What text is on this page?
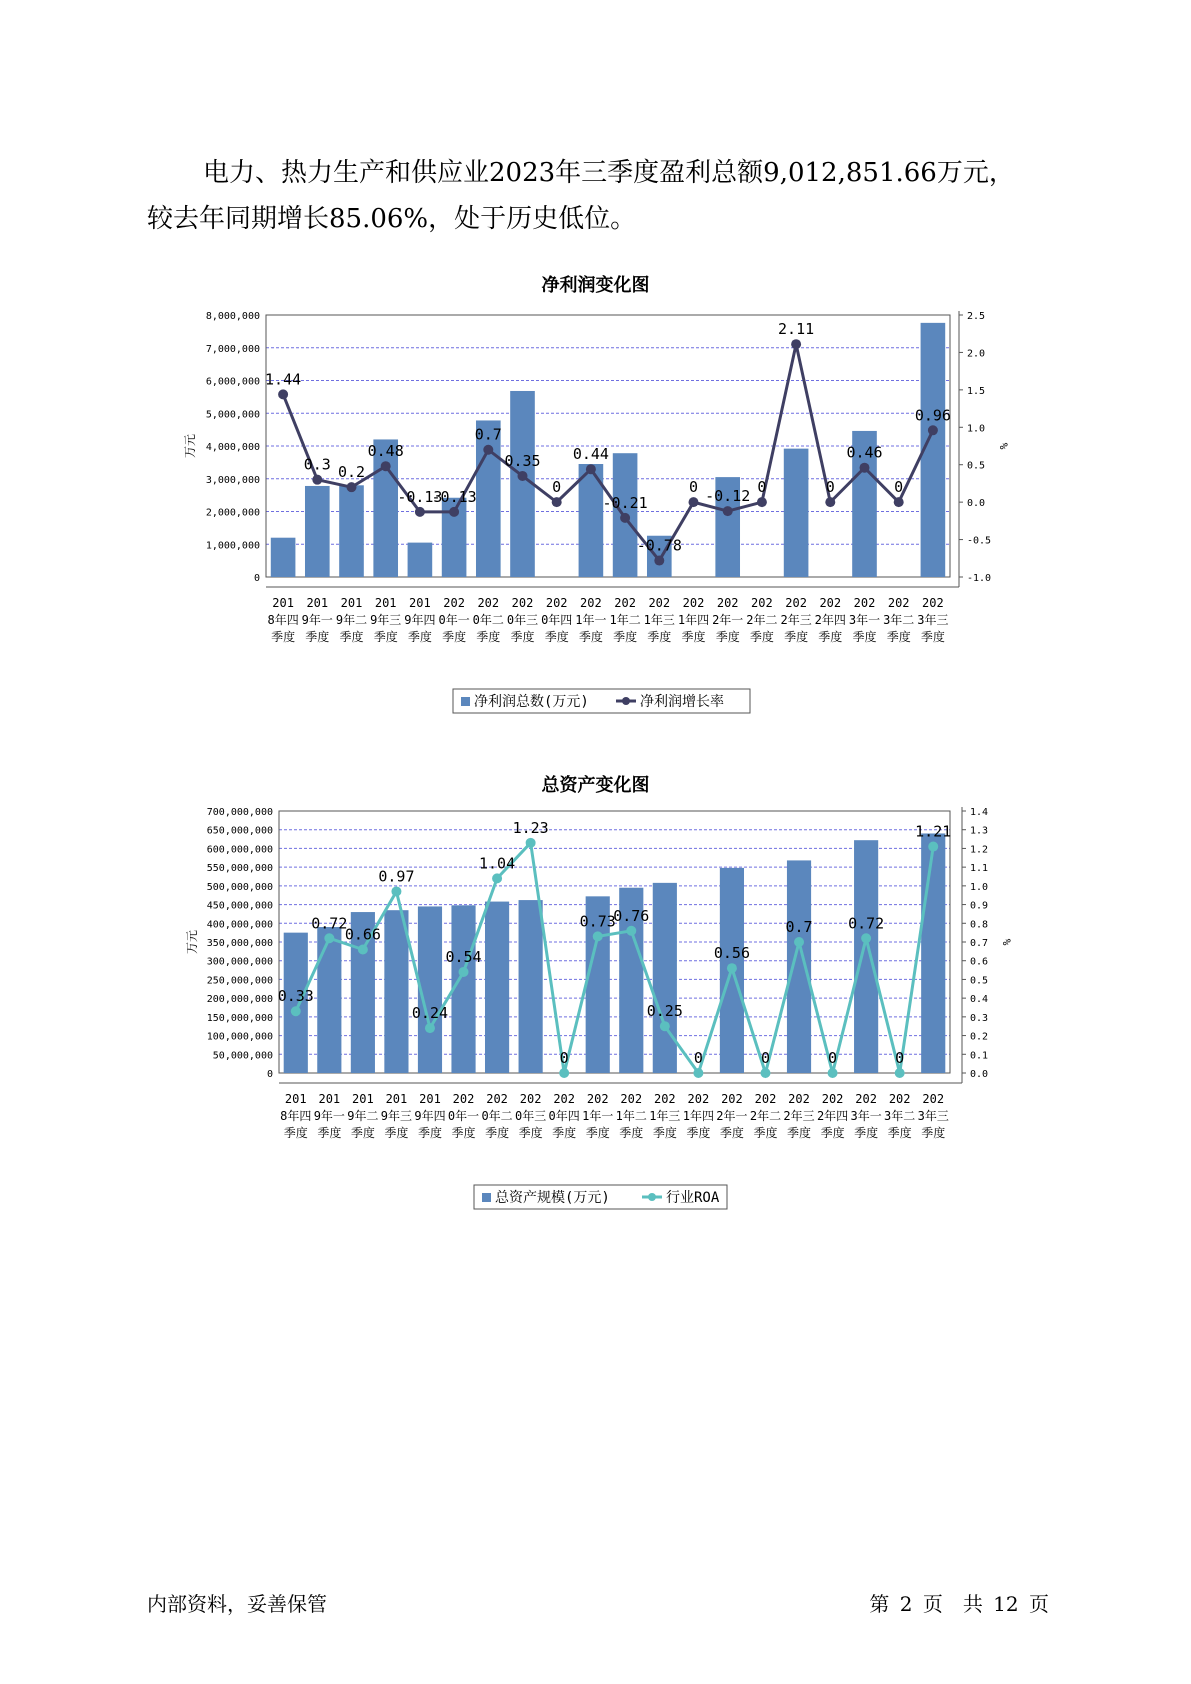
电力、热力生产和供应业2023年三季度盈利总额9,012,851.66万元，

较去年同期增长85.06%，处于历史低位。

净利润变化图
0
1,000,000
2,000,000
3,000,000
4,000,000
5,000,000
6,000,000
7,000,000
8,000,000
-1.0
-0.5
0.0
0.5
1.0
1.5
2.0
2.5
%
万元
1.44
0.3 0.2
0.48
-0.13
-0.13
0.7
0.35
0
0.44
-0.21
-0.78
0 -0.12 0
2.11
0
0.46
0
0.96
201 8年四季度
201 9年一季度
201 9年二季度
201 9年三季度
201 9年四季度
202 0年一季度
202 0年二季度
202 0年三季度
202 0年四季度
202 1年一季度
202 1年二季度
202 1年三季度
202 1年四季度
202 2年一季度
202 2年二季度
202 2年三季度
202 2年四季度
202 3年一季度
202 3年二季度
202 3年三季度
净利润总数(万元)	净利润增长率
总资产变化图
0
50,000,000
100,000,000
150,000,000
200,000,000
250,000,000
300,000,000
350,000,000
400,000,000
450,000,000
500,000,000
550,000,000
600,000,000
650,000,000
700,000,000
0.0
0.1
0.2
0.3
0.4
0.5
0.6
0.7
0.8
0.9
1.0
1.1
1.2
1.3
1.4
%
万元
0.33
0.72
0.66
0.97
0.24
0.54
1.04
1.23
0
0.73
0.76
0.25
0
0.56
0
0.7
0
0.72
0
1.21
201 8年四季度
201 9年一季度
201 9年二季度
201 9年三季度
201 9年四季度
202 0年一季度
202 0年二季度
202 0年三季度
202 0年四季度
202 1年一季度
202 1年二季度
202 1年三季度
202 1年四季度
202 2年一季度
202 2年二季度
202 2年三季度
202 2年四季度
202 3年一季度
202 3年二季度
202 3年三季度
总资产规模(万元)	行业ROA
内部资料，妥善保管	第 2 页　共 12 页
